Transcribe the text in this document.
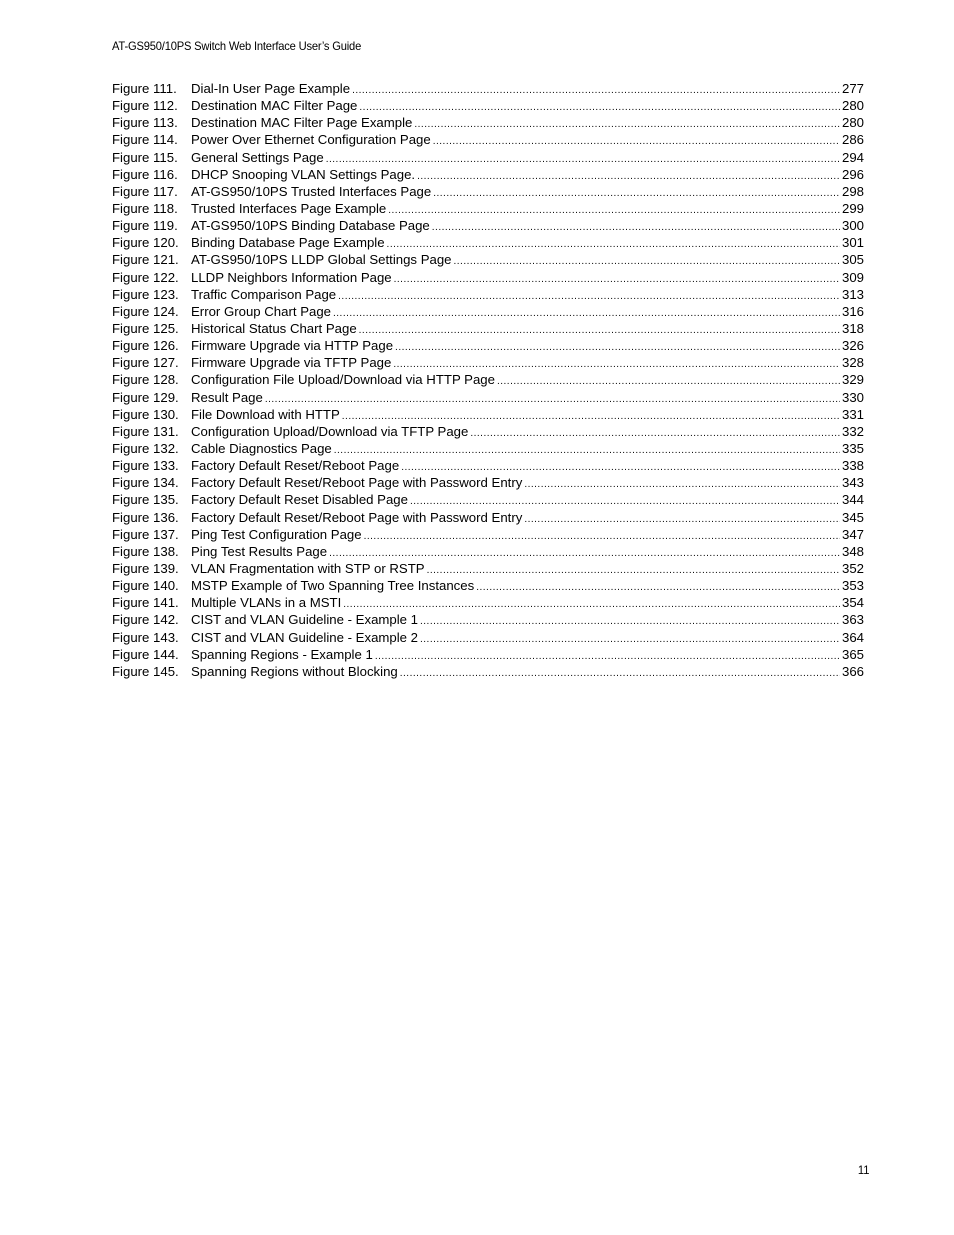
AT-GS950/10PS Switch Web Interface User’s Guide
Figure 111.	Dial-In User Page Example .....	277
Figure 112.	Destination MAC Filter Page .....	280
Figure 113.	Destination MAC Filter Page Example .....	280
Figure 114.	Power Over Ethernet Configuration Page .....	286
Figure 115.	General Settings Page .....	294
Figure 116.	DHCP Snooping VLAN Settings Page. .....	296
Figure 117.	AT-GS950/10PS Trusted Interfaces Page .....	298
Figure 118.	Trusted Interfaces Page Example .....	299
Figure 119.	AT-GS950/10PS Binding Database Page .....	300
Figure 120. Binding Database Page Example .....	301
Figure 121. AT-GS950/10PS LLDP Global Settings Page .....	305
Figure 122. LLDP Neighbors Information Page .....	309
Figure 123. Traffic Comparison Page .....	313
Figure 124. Error Group Chart Page .....	316
Figure 125. Historical Status Chart Page .....	318
Figure 126. Firmware Upgrade via HTTP Page .....	326
Figure 127. Firmware Upgrade via TFTP Page .....	328
Figure 128. Configuration File Upload/Download via HTTP Page .....	329
Figure 129. Result Page .....	330
Figure 130. File Download with HTTP .....	331
Figure 131. Configuration Upload/Download via TFTP Page .....	332
Figure 132. Cable Diagnostics Page .....	335
Figure 133. Factory Default Reset/Reboot Page .....	338
Figure 134. Factory Default Reset/Reboot Page with Password Entry .....	343
Figure 135. Factory Default Reset Disabled Page .....	344
Figure 136. Factory Default Reset/Reboot Page with Password Entry .....	345
Figure 137. Ping Test Configuration Page .....	347
Figure 138. Ping Test Results Page .....	348
Figure 139. VLAN Fragmentation with STP or RSTP .....	352
Figure 140. MSTP Example of Two Spanning Tree Instances .....	353
Figure 141. Multiple VLANs in a MSTI .....	354
Figure 142. CIST and VLAN Guideline - Example 1 .....	363
Figure 143. CIST and VLAN Guideline - Example 2 .....	364
Figure 144. Spanning Regions - Example 1 .....	365
Figure 145. Spanning Regions without Blocking .....	366
11
